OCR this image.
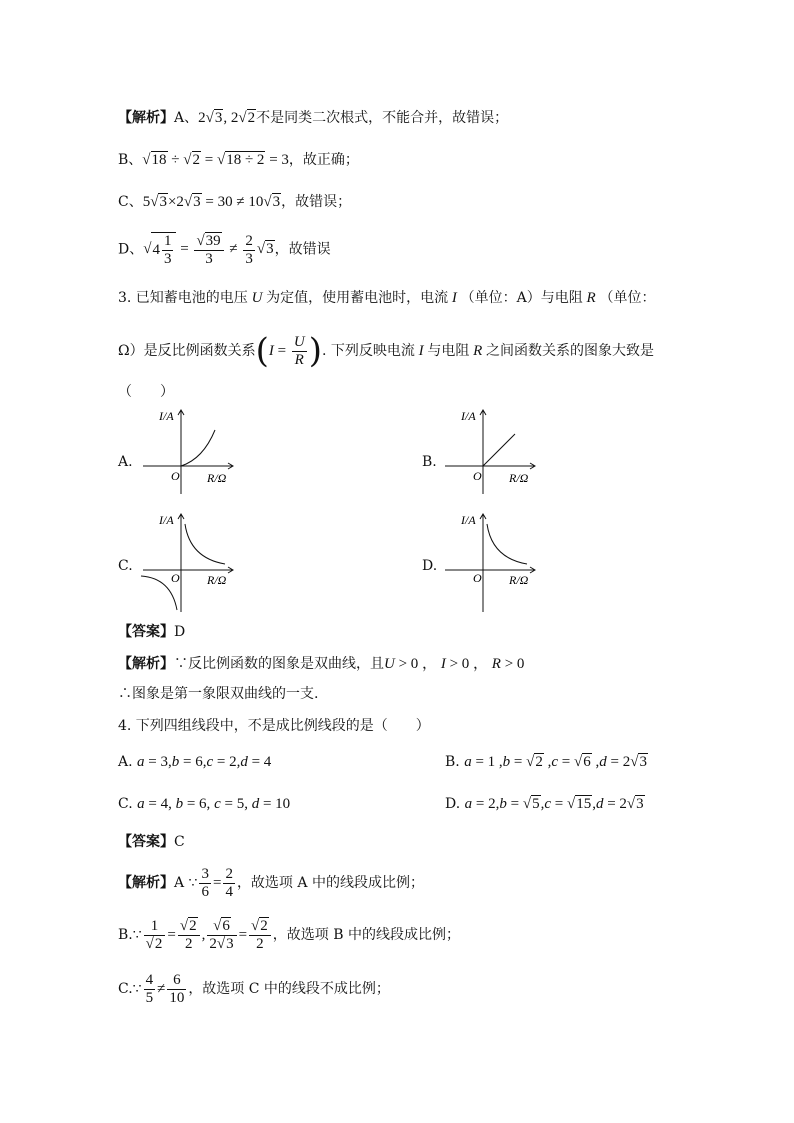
【解析】A、2√3, 2√2不是同类二次根式，不能合并，故错误；
B、√18 ÷ √2 = √18 ÷ 2 = 3，故正确；
C、5√3×2√3 = 30 ≠ 10√3，故错误；
D、$√4 \frac{1}{3} = \frac{√39}{3} \ne \frac{2}{3} √3$，故错误
3. 已知蓄电池的电压 U 为定值，使用蓄电池时，电流 I （单位：A）与电阻 R （单位：
Ω）是反比例函数关系($I = \frac{U}{R}$ ). 下列反映电流 I 与电阻 R 之间函数关系的图象大致是
（　　）
A.	B.
C.	D.
I/A
O R/Ω
I/A
O R/Ω
I/A
O R/Ω
I/A
O R/Ω
【答案】D
【解析】∵反比例函数的图象是双曲线，且U > 0 ， I > 0 ， R > 0
∴图象是第一象限双曲线的一支.
4. 下列四组线段中，不是成比例线段的是（　　）
A. a = 3,b = 6,c = 2,d = 4	B. a = 1 ,b = √2 ,c = √6 ,d = 2√3
C. a = 4, b = 6, c = 5, d = 10	D. a = 2,b = √5,c = √15,d = 2√3
【答案】C
【解析】A ∵ $\frac{3}{6} = \frac{2}{4}$ ，故选项 A 中的线段成比例；
B.∵ $\frac{1}{√2} = \frac{√2}{2}$ , $\frac{√6}{2√3} = \frac{√2}{2}$ ，故选项 B 中的线段成比例；
C.∵ $\frac{4}{5} \ne \frac{6}{10}$ ，故选项 C 中的线段不成比例；
